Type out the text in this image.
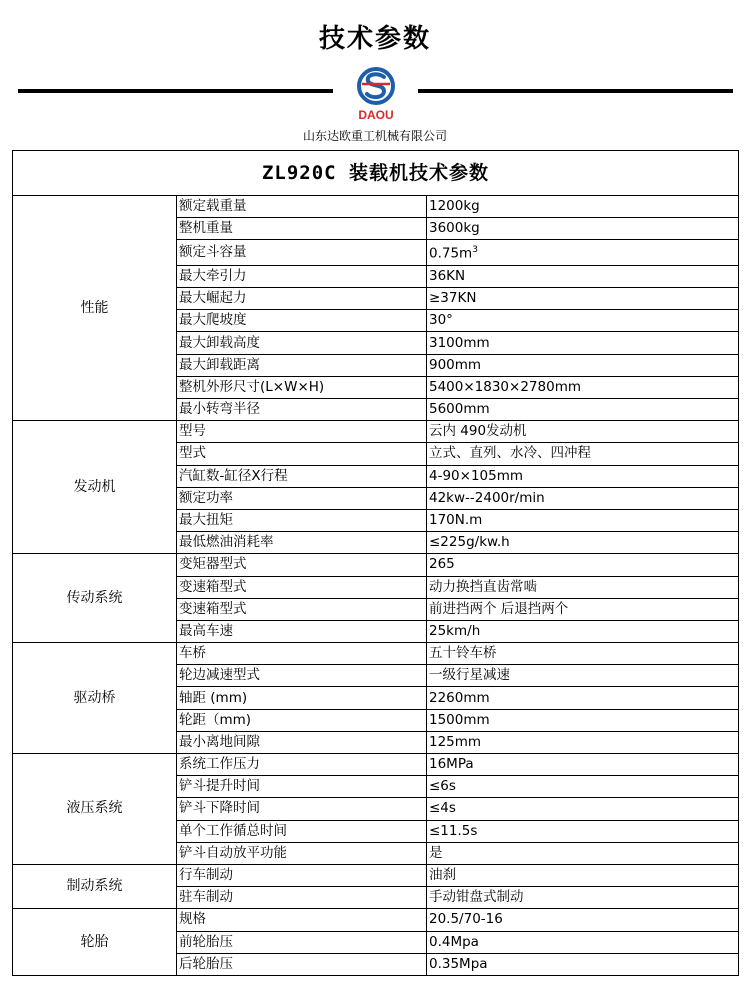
技术参数
DAOU
山东达欧重工机械有限公司
ZL920C 装载机技术参数		
性能	额定载重量	1200kg
	整机重量	3600kg
	额定斗容量	$0.75m^3$
	最大牵引力	36KN
	最大崛起力	≥37KN
	最大爬坡度	30°
	最大卸载高度	3100mm
	最大卸载距离	900mm
	整机外形尺寸(L×W×H)	5400×1830×2780mm
	最小转弯半径	5600mm
发动机	型号	云内 490发动机
	型式	立式、直列、水冷、四冲程
	汽缸数-缸径X行程	4-90×105mm
	额定功率	42kw--2400r/min
	最大扭矩	170N.m
	最低燃油消耗率	≤225g/kw.h
传动系统	变矩器型式	265
	变速箱型式	动力换挡直齿常啮
	变速箱型式	前进挡两个 后退挡两个
	最高车速	25km/h
驱动桥	车桥	五十铃车桥
	轮边减速型式	一级行星减速
	轴距 (mm)	2260mm
	轮距（mm)	1500mm
	最小离地间隙	125mm
液压系统	系统工作压力	16MPa
	铲斗提升时间	≤6s
	铲斗下降时间	≤4s
	单个工作循总时间	≤11.5s
	铲斗自动放平功能	是
制动系统	行车制动	油刹
	驻车制动	手动钳盘式制动
轮胎	规格	20.5/70-16
	前轮胎压	0.4Mpa
	后轮胎压	0.35Mpa
